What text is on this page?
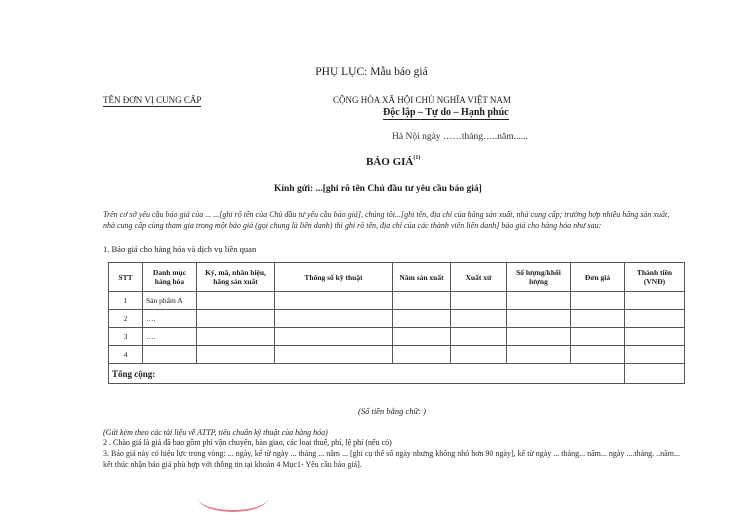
PHỤ LỤC: Mẫu báo giá
TÊN ĐƠN VỊ CUNG CẤP	CỘNG HÒA XÃ HỘI CHỦ NGHĨA VIỆT NAM
Độc lập – Tự do – Hạnh phúc
Hà Nội ngày ……tháng…..năm......
BÁO GIÁ$^{(1)}$
Kính gửi: ...[ghi rõ tên Chủ đầu tư yêu cầu báo giá]
Trên cơ sở yêu cầu báo giá của ... ...[ghi rõ tên của Chủ đầu tư yêu cầu báo giá], chúng tôi...[ghi tên, địa chỉ của hãng sản xuất, nhà cung cấp; trường hợp nhiều hãng sản xuất, nhà cung cấp cùng tham gia trong một báo giá (gọi chung là liên danh) thì ghi rõ tên, địa chỉ của các thành viên liên danh] báo giá cho hàng hóa như sau:
1. Báo giá cho hàng hóa và dịch vụ liên quan
STT	Danh mục hàng hóa	Ký, mã, nhãn hiệu, hãng sản xuất	Thông số kỹ thuật	Năm sản xuất	Xuất xứ	Số lượng/khối lượng	Đơn giá	Thành tiền (VNĐ)
1	Sản phẩm A							
2	….							
3	….							
4								
Tổng cộng:								
(Số tiền bằng chữ: )
(Gửi kèm theo các tài liệu về ATTP, tiêu chuẩn kỹ thuật của hàng hóa)
2 . Chào giá là giá đã bao gồm phí vận chuyển, bàn giao, các loại thuế, phí, lệ phí (nếu có)
3. Báo giá này có hiệu lực trong vòng: ... ngày, kể từ ngày ... tháng ... năm ... [ghi cụ thể số ngày nhưng không nhỏ hơn 90 ngày], kể từ ngày ... tháng... năm... ngày ....tháng. ..năm... kết thúc nhận báo giá phù hợp với thông tin tại khoản 4 Mục1- Yêu cầu báo giá].
